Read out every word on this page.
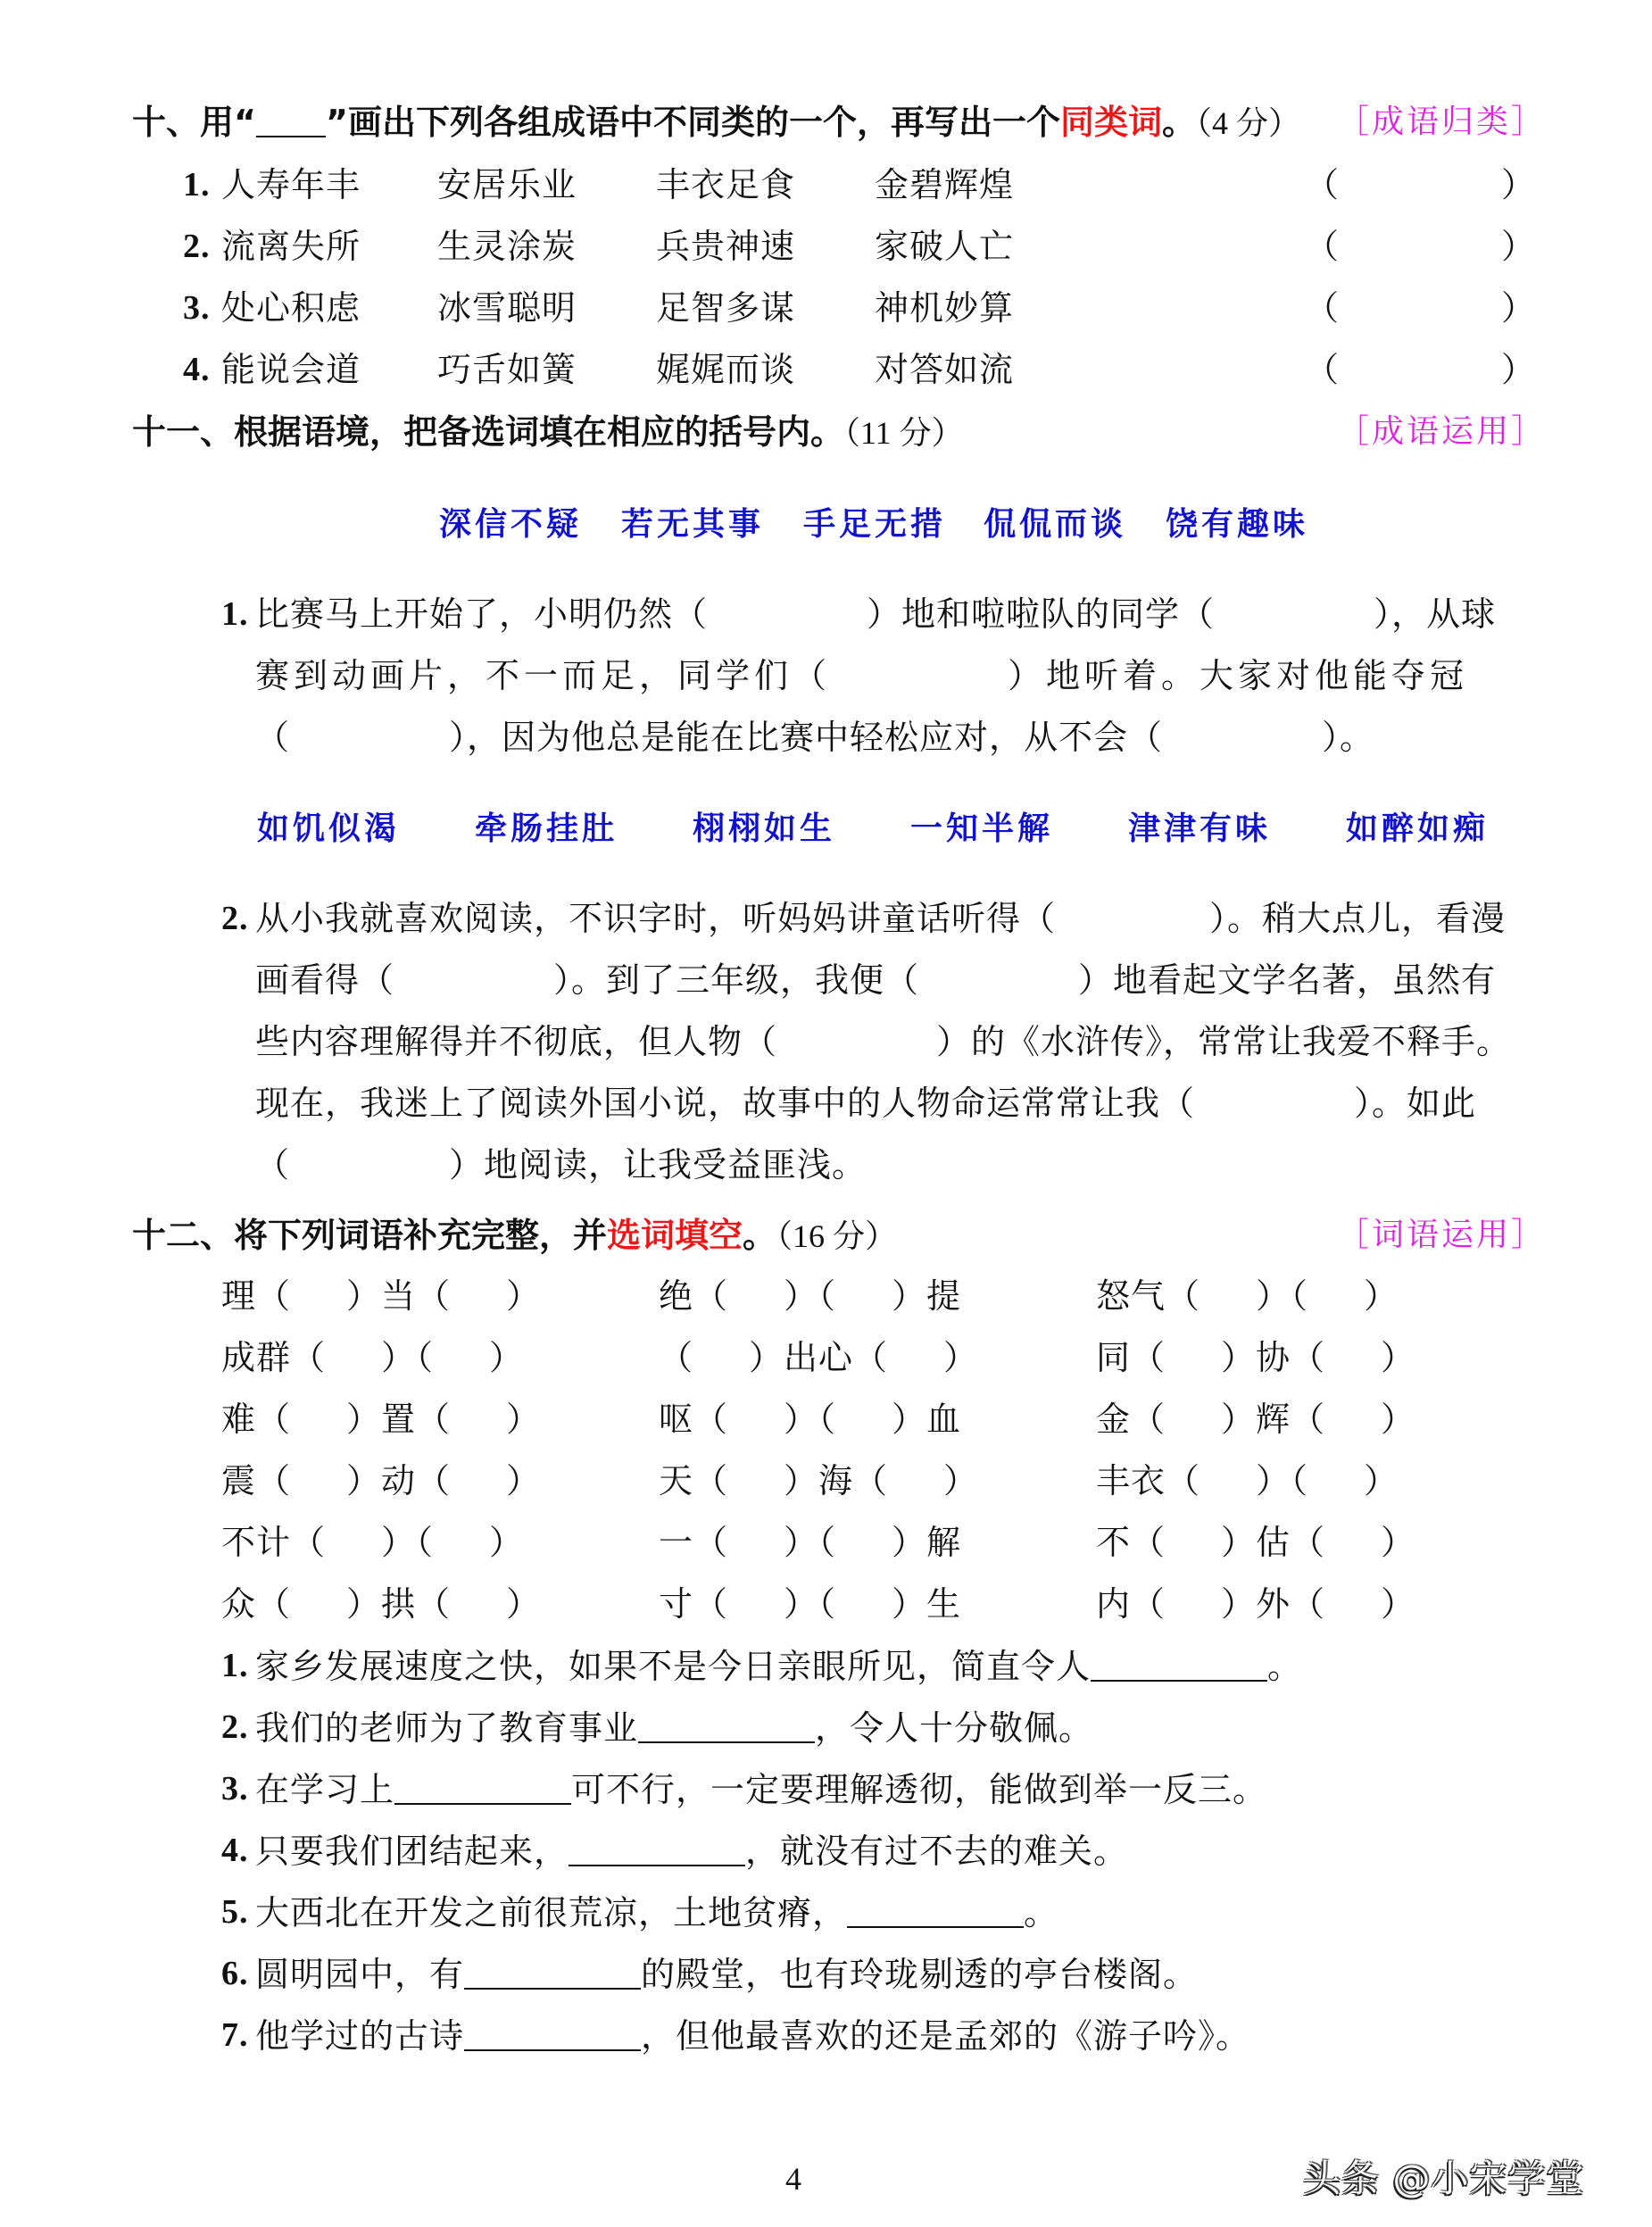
十、用“ ”画出下列各组成语中不同类的一个，再写出一个同类词。（4 分） ［成语归类］
1. 人寿年丰 安居乐业 丰衣足食 金碧辉煌	（	）
2. 流离失所 生灵涂炭 兵贵神速 家破人亡	（	）
3. 处心积虑 冰雪聪明 足智多谋 神机妙算	（	）
4. 能说会道 巧舌如簧 娓娓而谈 对答如流	（	）
十一、根据语境，把备选词填在相应的括号内。（11 分）	［成语运用］
深信不疑 若无其事 手足无措 侃侃而谈 饶有趣味
1. 比赛马上开始了，小明仍然（	）地和啦啦队的同学（	），从球
赛到动画片，不一而足，同学们（	）地听着。大家对他能夺冠
（	），因为他总是能在比赛中轻松应对，从不会（	）。
如饥似渴 牵肠挂肚 栩栩如生 一知半解 津津有味 如醉如痴
2. 从小我就喜欢阅读，不识字时，听妈妈讲童话听得（	）。稍大点儿，看漫
画看得（	）。到了三年级，我便（	）地看起文学名著，虽然有
些内容理解得并不彻底，但人物（	）的《水浒传》，常常让我爱不释手。
现在，我迷上了阅读外国小说，故事中的人物命运常常让我（	）。如此
（	）地阅读，让我受益匪浅。
十二、将下列词语补充完整，并选词填空。（16 分）	［词语运用］
理（ ）当（ ）	绝（ ）（ ）提	怒气（ ）（ ）
成群（ ）（ ）	（ ）出心（ ）	同（ ）协（ ）
难（ ）置（ ）	呕（ ）（ ）血	金（ ）辉（ ）
震（ ）动（ ）	天（ ）海（ ）	丰衣（ ）（ ）
不计（ ）（ ）	一（ ）（ ）解	不（ ）估（ ）
众（ ）拱（ ）	寸（ ）（ ）生	内（ ）外（ ）
1. 家乡发展速度之快，如果不是今日亲眼所见，简直令人	。
2. 我们的老师为了教育事业	，令人十分敬佩。
3. 在学习上	可不行，一定要理解透彻，能做到举一反三。
4. 只要我们团结起来，	，就没有过不去的难关。
5. 大西北在开发之前很荒凉，土地贫瘠，	。
6. 圆明园中，有	的殿堂，也有玲珑剔透的亭台楼阁。
7. 他学过的古诗	，但他最喜欢的还是孟郊的《游子吟》。
4	头条 @小宋学堂
